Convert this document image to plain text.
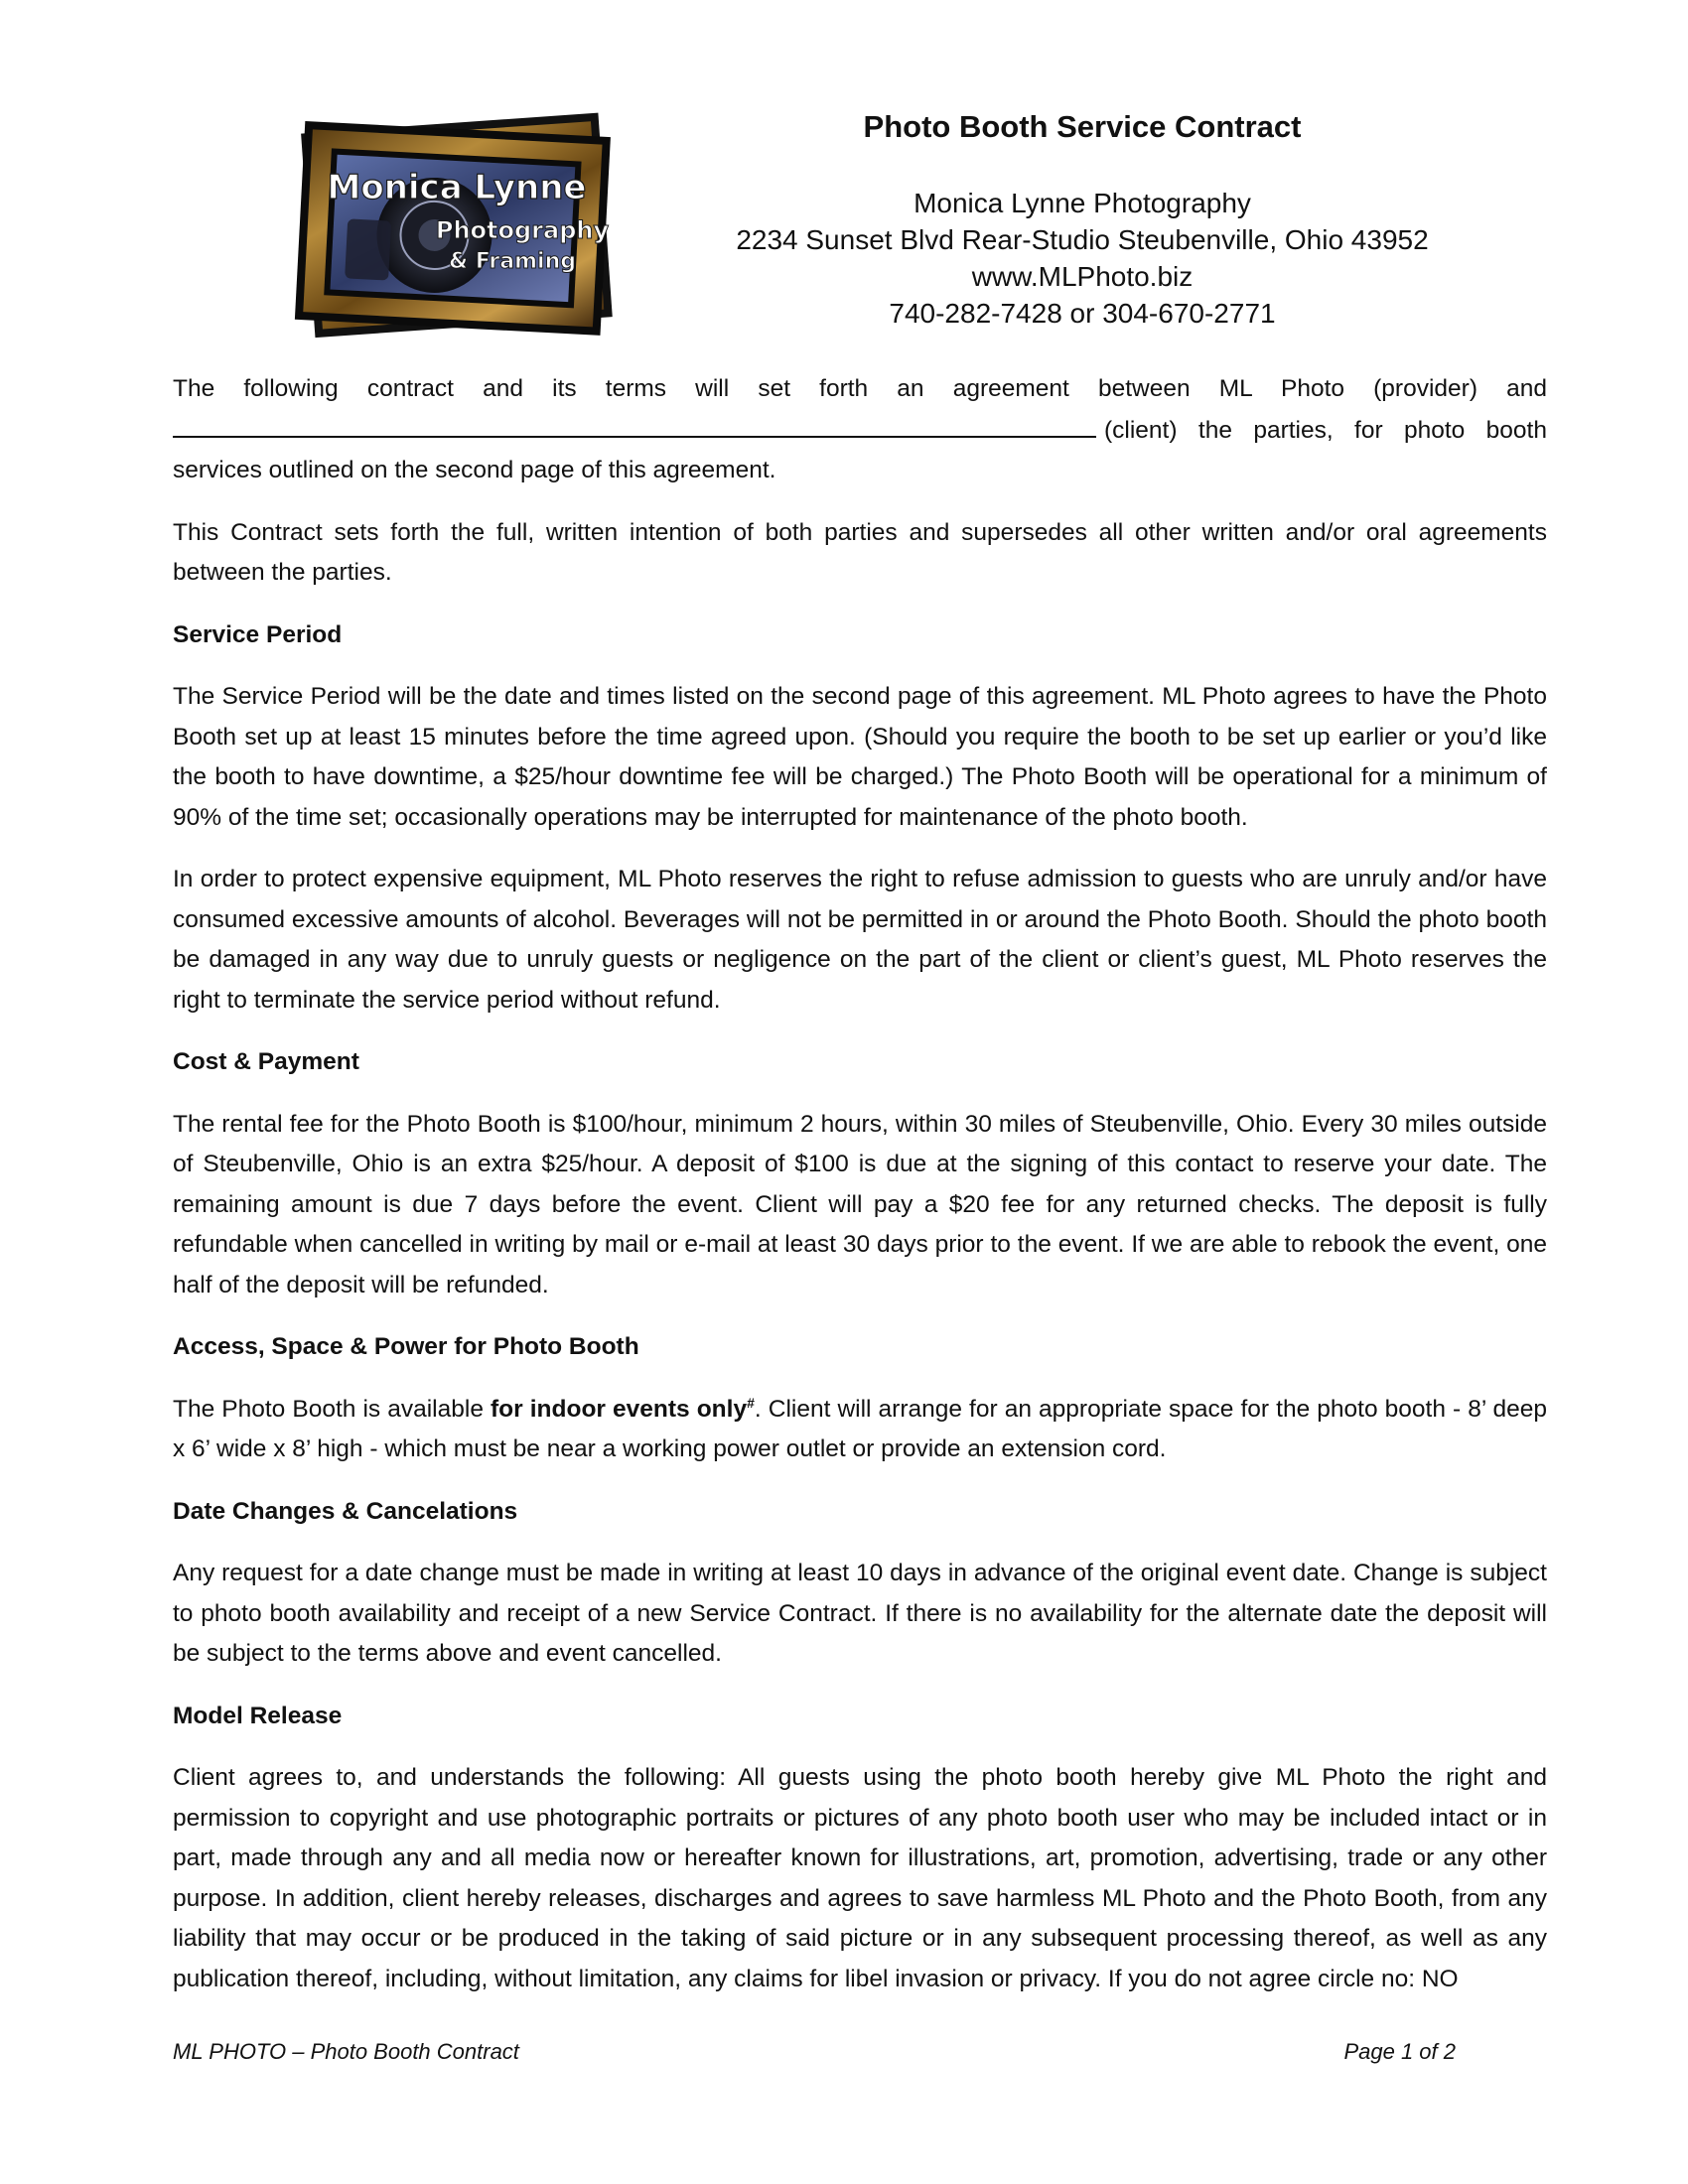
Monica Lynne
Photography
& Framing

Photo Booth Service Contract

Monica Lynne Photography

2234 Sunset Blvd Rear-Studio Steubenville, Ohio 43952

www.MLPhoto.biz

740-282-7428 or 304-670-2771

The following contract and its terms will set forth an agreement between ML Photo (provider) and
(client) the parties, for photo booth
services outlined on the second page of this agreement.

This Contract sets forth the full, written intention of both parties and supersedes all other written and/or oral agreements between the parties.

Service Period

The Service Period will be the date and times listed on the second page of this agreement. ML Photo agrees to have the Photo Booth set up at least 15 minutes before the time agreed upon. (Should you require the booth to be set up earlier or you’d like the booth to have downtime, a $25/hour downtime fee will be charged.) The Photo Booth will be operational for a minimum of 90% of the time set; occasionally operations may be interrupted for maintenance of the photo booth.

In order to protect expensive equipment, ML Photo reserves the right to refuse admission to guests who are unruly and/or have consumed excessive amounts of alcohol. Beverages will not be permitted in or around the Photo Booth. Should the photo booth be damaged in any way due to unruly guests or negligence on the part of the client or client’s guest, ML Photo reserves the right to terminate the service period without refund.

Cost & Payment

The rental fee for the Photo Booth is $100/hour, minimum 2 hours, within 30 miles of Steubenville, Ohio. Every 30 miles outside of Steubenville, Ohio is an extra $25/hour. A deposit of $100 is due at the signing of this contact to reserve your date. The remaining amount is due 7 days before the event. Client will pay a $20 fee for any returned checks. The deposit is fully refundable when cancelled in writing by mail or e-mail at least 30 days prior to the event. If we are able to rebook the event, one half of the deposit will be refunded.

Access, Space & Power for Photo Booth

The Photo Booth is available for indoor events only#. Client will arrange for an appropriate space for the photo booth - 8’ deep x 6’ wide x 8’ high - which must be near a working power outlet or provide an extension cord.

Date Changes & Cancelations

Any request for a date change must be made in writing at least 10 days in advance of the original event date. Change is subject to photo booth availability and receipt of a new Service Contract. If there is no availability for the alternate date the deposit will be subject to the terms above and event cancelled.

Model Release

Client agrees to, and understands the following: All guests using the photo booth hereby give ML Photo the right and permission to copyright and use photographic portraits or pictures of any photo booth user who may be included intact or in part, made through any and all media now or hereafter known for illustrations, art, promotion, advertising, trade or any other purpose. In addition, client hereby releases, discharges and agrees to save harmless ML Photo and the Photo Booth, from any liability that may occur or be produced in the taking of said picture or in any subsequent processing thereof, as well as any publication thereof, including, without limitation, any claims for libel invasion or privacy. If you do not agree circle no: NO

ML PHOTO – Photo Booth Contract	Page 1 of 2
